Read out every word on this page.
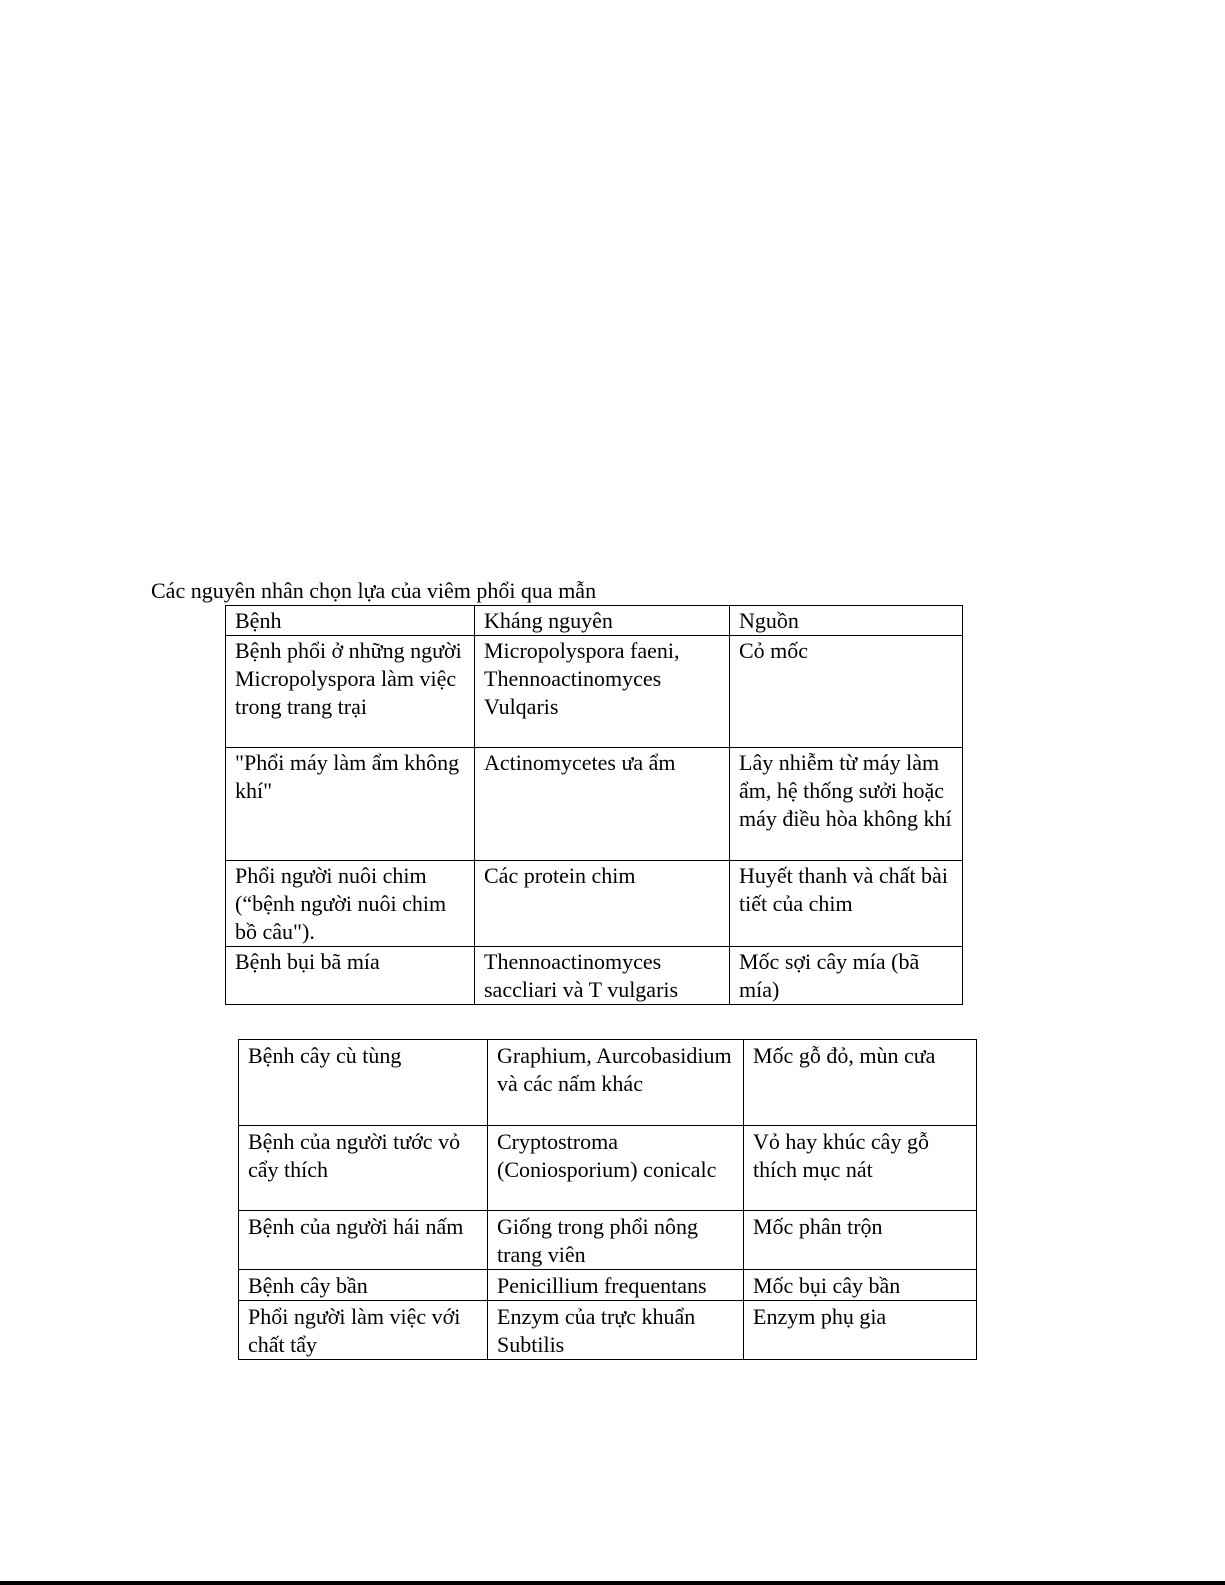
Các nguyên nhân chọn lựa của viêm phổi qua mẫn
Bệnh	Kháng nguyên	Nguồn
Bệnh phổi ở những người Micropolyspora làm việc trong trang trại	Micropolyspora faeni, Thennoactinomyces Vulqaris	Cỏ mốc
"Phổi máy làm ẩm không khí"	Actinomycetes ưa ẩm	Lây nhiễm từ máy làm ẩm, hệ thống sưởi hoặc máy điều hòa không khí
Phổi người nuôi chim (“bệnh người nuôi chim bồ câu").	Các protein chim	Huyết thanh và chất bài tiết của chim
Bệnh bụi bã mía	Thennoactinomyces saccliari và T vulgaris	Mốc sợi cây mía (bã mía)
Bệnh cây cù tùng	Graphium, Aurcobasidium và các nấm khác	Mốc gỗ đỏ, mùn cưa
Bệnh của người tước vỏ cẩy thích	Cryptostroma (Coniosporium) conicalc	Vỏ hay khúc cây gỗ thích mục nát
Bệnh của người hái nấm	Giống trong phổi nông trang viên	Mốc phân trộn
Bệnh cây bần	Penicillium frequentans	Mốc bụi cây bần
Phổi người làm việc với chất tẩy	Enzym của trực khuẩn Subtilis	Enzym phụ gia
